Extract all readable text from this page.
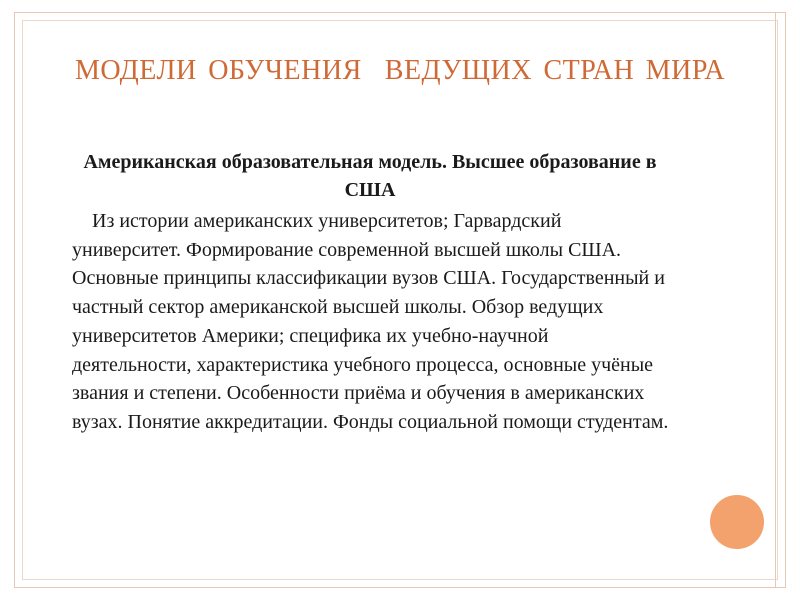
МОДЕЛИ ОБУЧЕНИЯ  ВЕДУЩИХ СТРАН МИРА
Американская образовательная модель. Высшее образование в США

Из истории американских университетов; Гарвардский университет. Формирование современной высшей школы США. Основные принципы классификации вузов США. Государственный и частный сектор американской высшей школы. Обзор ведущих университетов Америки; специфика их учебно-научной деятельности, характеристика учебного процесса, основные учёные звания и степени. Особенности приёма и обучения в американских вузах. Понятие аккредитации. Фонды социальной помощи студентам.
